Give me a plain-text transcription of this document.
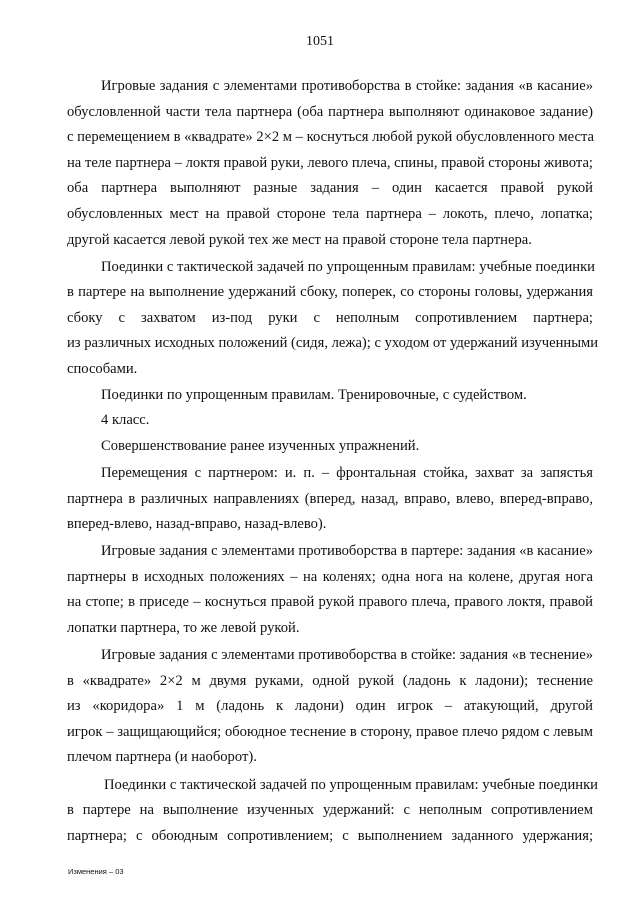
1051
Игровые задания с элементами противоборства в стойке: задания «в касание»
обусловленной части тела партнера (оба партнера выполняют одинаковое задание)
с перемещением в «квадрате» 2×2 м – коснуться любой рукой обусловленного места
на теле партнера – локтя правой руки, левого плеча, спины, правой стороны живота;
оба партнера выполняют разные задания – один касается правой рукой
обусловленных мест на правой стороне тела партнера – локоть, плечо, лопатка;
другой касается левой рукой тех же мест на правой стороне тела партнера.
Поединки с тактической задачей по упрощенным правилам: учебные поединки
в партере на выполнение удержаний сбоку, поперек, со стороны головы, удержания
сбоку с захватом из-под руки с неполным сопротивлением партнера;
из различных исходных положений (сидя, лежа); с уходом от удержаний изученными
способами.
Поединки по упрощенным правилам. Тренировочные, с судейством.
4 класс.
Совершенствование ранее изученных упражнений.
Перемещения с партнером: и. п. – фронтальная стойка, захват за запястья
партнера в различных направлениях (вперед, назад, вправо, влево, вперед-вправо,
вперед-влево, назад-вправо, назад-влево).
Игровые задания с элементами противоборства в партере: задания «в касание»
партнеры в исходных положениях – на коленях; одна нога на колене, другая нога
на стопе; в приседе – коснуться правой рукой правого плеча, правого локтя, правой
лопатки партнера, то же левой рукой.
Игровые задания с элементами противоборства в стойке: задания «в теснение»
в «квадрате» 2×2 м двумя руками, одной рукой (ладонь к ладони); теснение
из «коридора» 1 м (ладонь к ладони) один игрок – атакующий, другой
игрок – защищающийся; обоюдное теснение в сторону, правое плечо рядом с левым
плечом партнера (и наоборот).
Поединки с тактической задачей по упрощенным правилам: учебные поединки
в партере на выполнение изученных удержаний: с неполным сопротивлением
партнера; с обоюдным сопротивлением; с выполнением заданного удержания;
Изменения – 03
